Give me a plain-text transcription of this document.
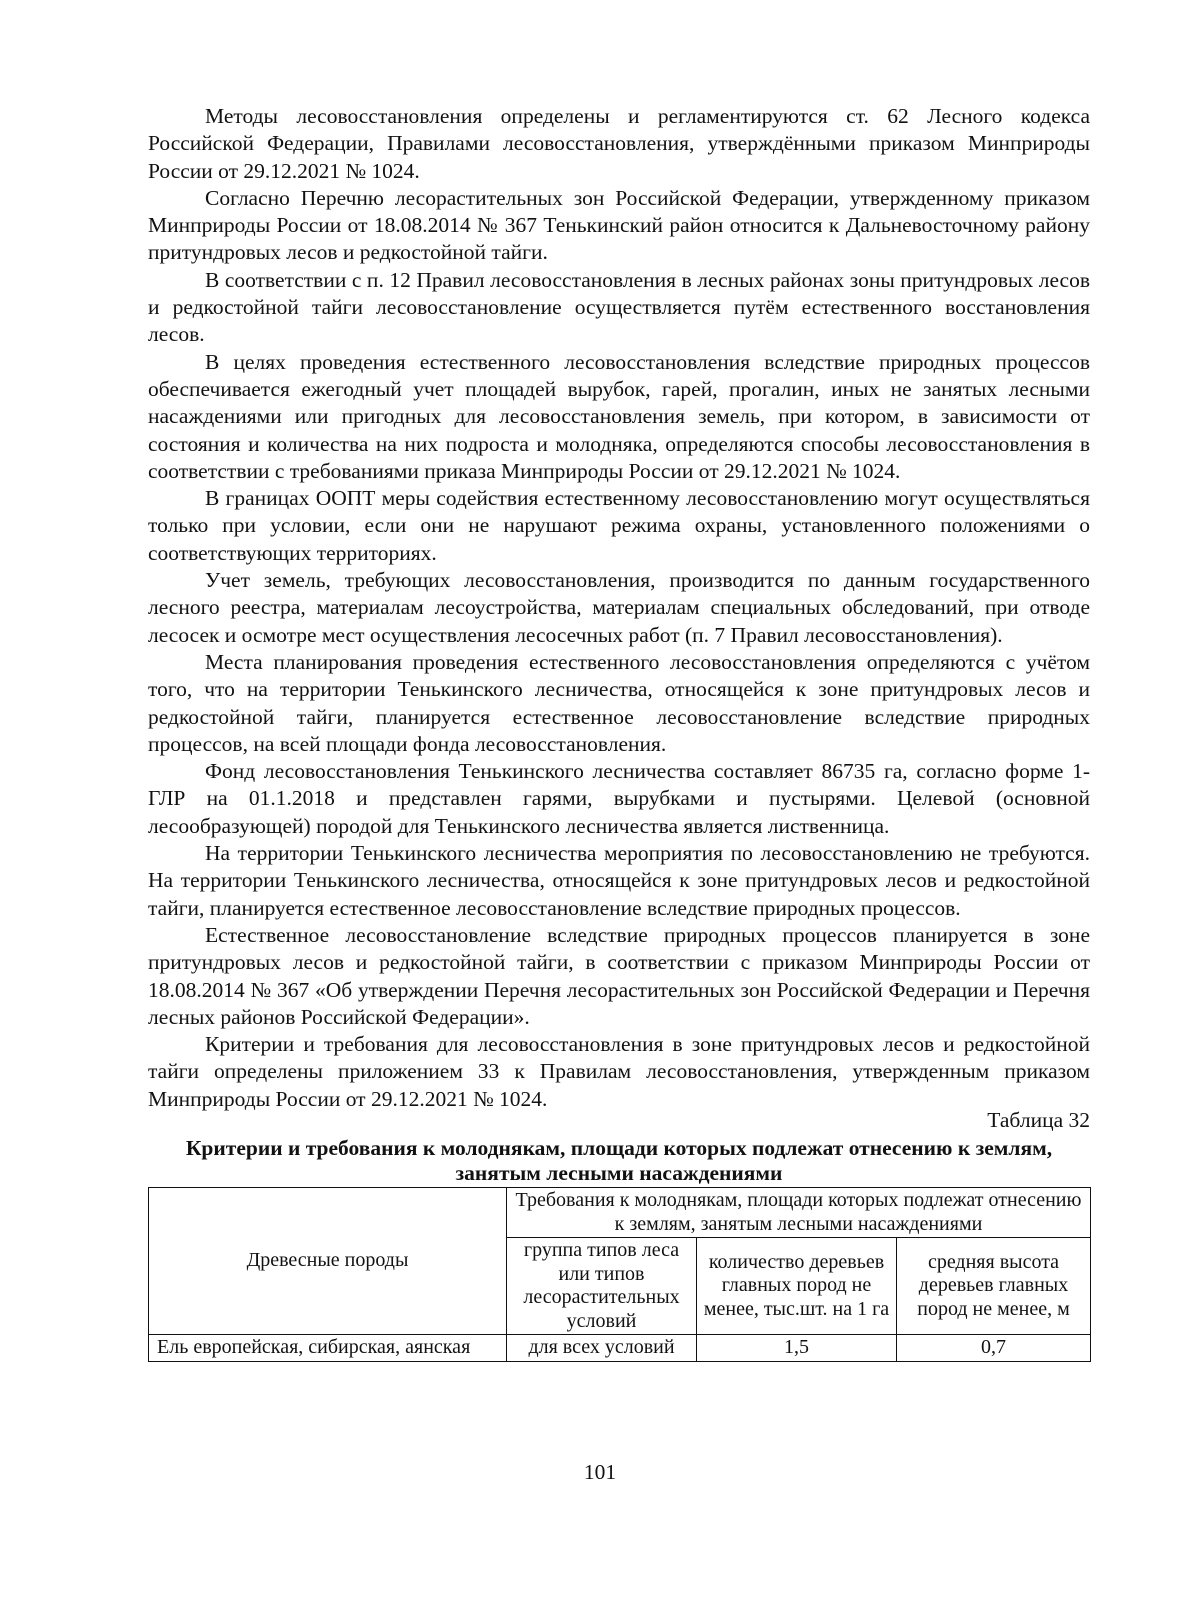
Методы лесовосстановления определены и регламентируются ст. 62 Лесного кодекса Российской Федерации, Правилами лесовосстановления, утверждёнными приказом Минприроды России от 29.12.2021 № 1024.

Согласно Перечню лесорастительных зон Российской Федерации, утвержденному приказом Минприроды России от 18.08.2014 № 367 Тенькинский район относится к Дальневосточному району притундровых лесов и редкостойной тайги.

В соответствии с п. 12 Правил лесовосстановления в лесных районах зоны притундровых лесов и редкостойной тайги лесовосстановление осуществляется путём естественного восстановления лесов.

В целях проведения естественного лесовосстановления вследствие природных процессов обеспечивается ежегодный учет площадей вырубок, гарей, прогалин, иных не занятых лесными насаждениями или пригодных для лесовосстановления земель, при котором, в зависимости от состояния и количества на них подроста и молодняка, определяются способы лесовосстановления в соответствии с требованиями приказа Минприроды России от 29.12.2021 № 1024.

В границах ООПТ меры содействия естественному лесовосстановлению могут осуществляться только при условии, если они не нарушают режима охраны, установленного положениями о соответствующих территориях.

Учет земель, требующих лесовосстановления, производится по данным государственного лесного реестра, материалам лесоустройства, материалам специальных обследований, при отводе лесосек и осмотре мест осуществления лесосечных работ (п. 7 Правил лесовосстановления).

Места планирования проведения естественного лесовосстановления определяются с учётом того, что на территории Тенькинского лесничества, относящейся к зоне притундровых лесов и редкостойной тайги, планируется естественное лесовосстановление вследствие природных процессов, на всей площади фонда лесовосстановления.

Фонд лесовосстановления Тенькинского лесничества составляет 86735 га, согласно форме 1-ГЛР на 01.1.2018 и представлен гарями, вырубками и пустырями. Целевой (основной лесообразующей) породой для Тенькинского лесничества является лиственница.

На территории Тенькинского лесничества мероприятия по лесовосстановлению не требуются. На территории Тенькинского лесничества, относящейся к зоне притундровых лесов и редкостойной тайги, планируется естественное лесовосстановление вследствие природных процессов.

Естественное лесовосстановление вследствие природных процессов планируется в зоне притундровых лесов и редкостойной тайги, в соответствии с приказом Минприроды России от 18.08.2014 № 367 «Об утверждении Перечня лесорастительных зон Российской Федерации и Перечня лесных районов Российской Федерации».

Критерии и требования для лесовосстановления в зоне притундровых лесов и редкостойной тайги определены приложением 33 к Правилам лесовосстановления, утвержденным приказом Минприроды России от 29.12.2021 № 1024.

Таблица 32
Критерии и требования к молоднякам, площади которых подлежат отнесению к землям, занятым лесными насаждениями
Древесные породы	Требования к молоднякам, площади которых подлежат отнесению к землям, занятым лесными насаждениями		
	группа типов леса или типов лесорастительных условий	количество деревьев главных пород не менее, тыс.шт. на 1 га	средняя высота деревьев главных пород не менее, м
Ель европейская, сибирская, аянская	для всех условий	1,5	0,7
101
